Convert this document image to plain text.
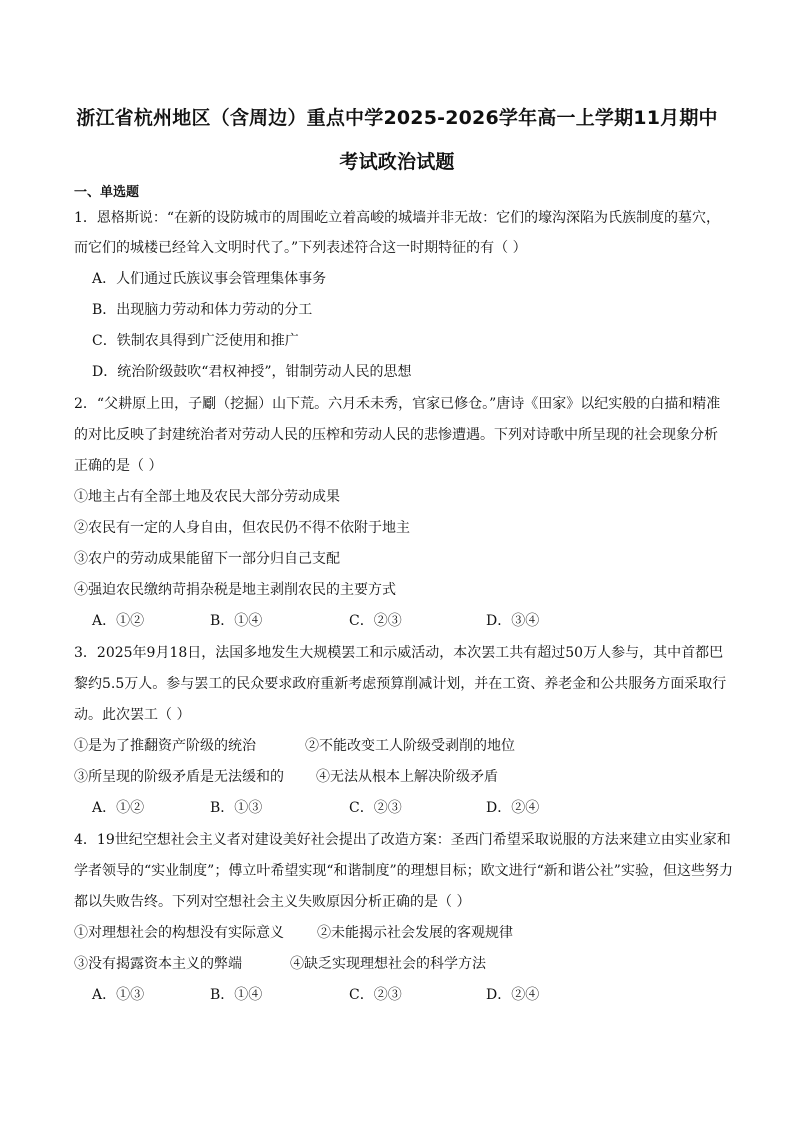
浙江省杭州地区（含周边）重点中学2025-2026学年高一上学期11月期中
考试政治试题
一、单选题
1．恩格斯说：“在新的设防城市的周围屹立着高峻的城墙并非无故：它们的壕沟深陷为氏族制度的墓穴，
而它们的城楼已经耸入文明时代了。”下列表述符合这一时期特征的有（ ）
A．人们通过氏族议事会管理集体事务
B．出现脑力劳动和体力劳动的分工
C．铁制农具得到广泛使用和推广
D．统治阶级鼓吹“君权神授”，钳制劳动人民的思想
2．“父耕原上田，子劚（挖掘）山下荒。六月禾未秀，官家已修仓。”唐诗《田家》以纪实般的白描和精准
的对比反映了封建统治者对劳动人民的压榨和劳动人民的悲惨遭遇。下列对诗歌中所呈现的社会现象分析
正确的是（ ）
①地主占有全部土地及农民大部分劳动成果
②农民有一定的人身自由，但农民仍不得不依附于地主
③农户的劳动成果能留下一部分归自己支配
④强迫农民缴纳苛捐杂税是地主剥削农民的主要方式
A．①②	B．①④	C．②③	D．③④
3．2025年9月18日，法国多地发生大规模罢工和示威活动，本次罢工共有超过50万人参与，其中首都巴
黎约5.5万人。参与罢工的民众要求政府重新考虑预算削减计划，并在工资、养老金和公共服务方面采取行
动。此次罢工（ ）
①是为了推翻资产阶级的统治	②不能改变工人阶级受剥削的地位
③所呈现的阶级矛盾是无法缓和的	④无法从根本上解决阶级矛盾
A．①②	B．①③	C．②③	D．②④
4．19世纪空想社会主义者对建设美好社会提出了改造方案：圣西门希望采取说服的方法来建立由实业家和
学者领导的“实业制度”；傅立叶希望实现“和谐制度”的理想目标；欧文进行“新和谐公社”实验，但这些努力
都以失败告终。下列对空想社会主义失败原因分析正确的是（ ）
①对理想社会的构想没有实际意义	②未能揭示社会发展的客观规律
③没有揭露资本主义的弊端	④缺乏实现理想社会的科学方法
A．①③	B．①④	C．②③	D．②④
